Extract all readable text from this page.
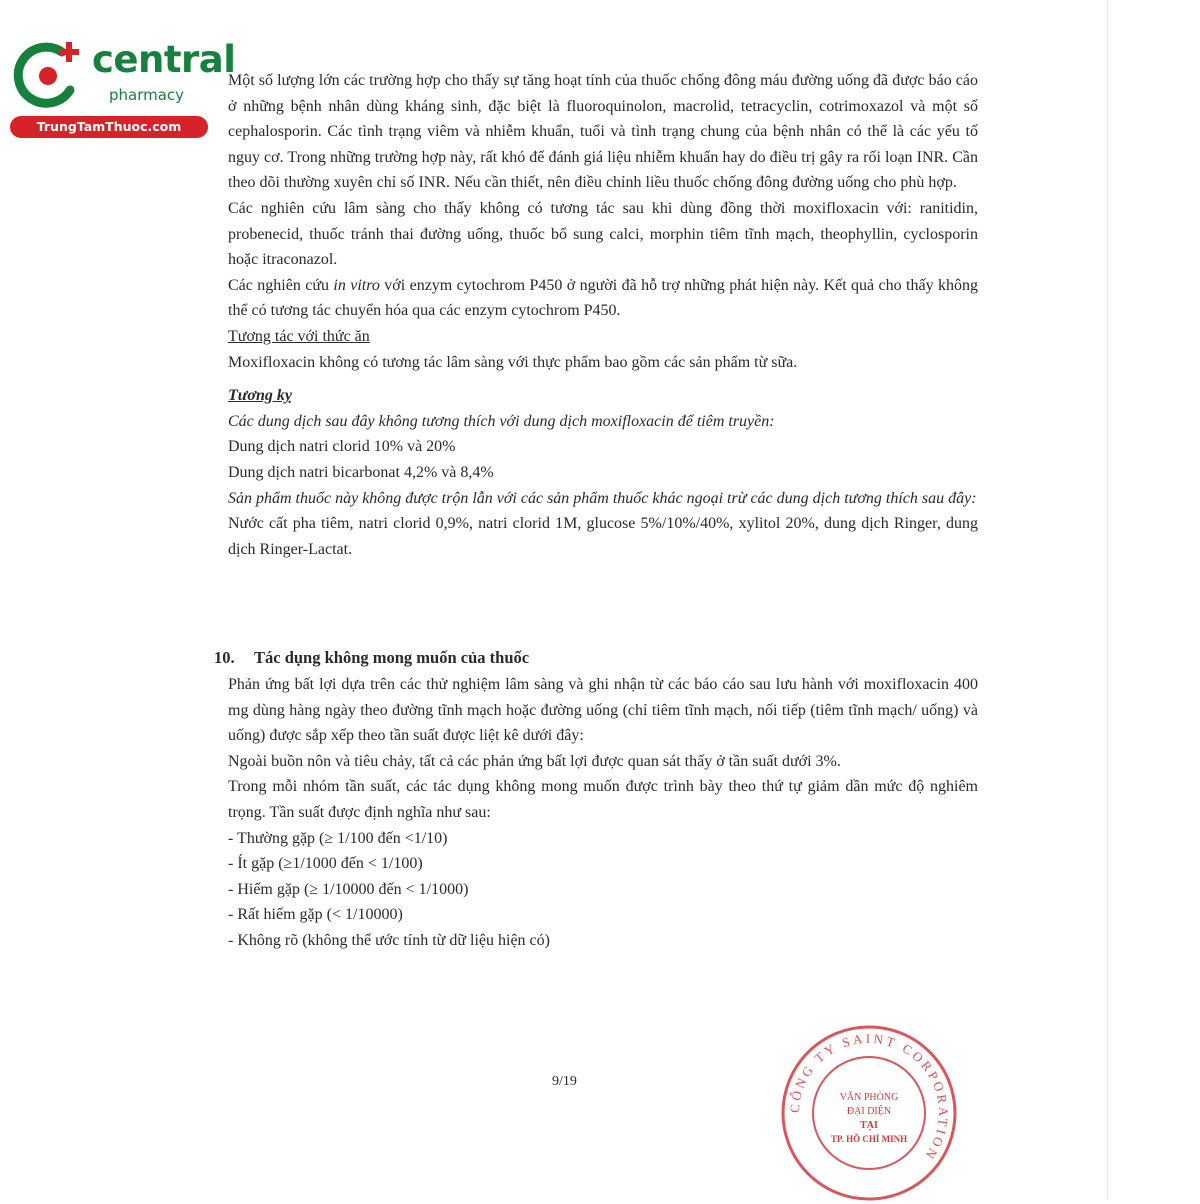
central
pharmacy
TrungTamThuoc.com

Một số lượng lớn các trường hợp cho thấy sự tăng hoạt tính của thuốc chống đông máu đường uống đã được báo cáo ở những bệnh nhân dùng kháng sinh, đặc biệt là fluoroquinolon, macrolid, tetracyclin, cotrimoxazol và một số cephalosporin. Các tình trạng viêm và nhiễm khuẩn, tuổi và tình trạng chung của bệnh nhân có thể là các yếu tố nguy cơ. Trong những trường hợp này, rất khó để đánh giá liệu nhiễm khuẩn hay do điều trị gây ra rối loạn INR. Cần theo dõi thường xuyên chỉ số INR. Nếu cần thiết, nên điều chỉnh liều thuốc chống đông đường uống cho phù hợp.

Các nghiên cứu lâm sàng cho thấy không có tương tác sau khi dùng đồng thời moxifloxacin với: ranitidin, probenecid, thuốc tránh thai đường uống, thuốc bổ sung calci, morphin tiêm tĩnh mạch, theophyllin, cyclosporin hoặc itraconazol.

Các nghiên cứu in vitro với enzym cytochrom P450 ở người đã hỗ trợ những phát hiện này. Kết quả cho thấy không thể có tương tác chuyển hóa qua các enzym cytochrom P450.

Tương tác với thức ăn

Moxifloxacin không có tương tác lâm sàng với thực phẩm bao gồm các sản phẩm từ sữa.

Tương kỵ

Các dung dịch sau đây không tương thích với dung dịch moxifloxacin để tiêm truyền:

Dung dịch natri clorid 10% và 20%

Dung dịch natri bicarbonat 4,2% và 8,4%

Sản phẩm thuốc này không được trộn lẫn với các sản phẩm thuốc khác ngoại trừ các dung dịch tương thích sau đây:

Nước cất pha tiêm, natri clorid 0,9%, natri clorid 1M, glucose 5%/10%/40%, xylitol 20%, dung dịch Ringer, dung dịch Ringer-Lactat.

10. Tác dụng không mong muốn của thuốc

Phản ứng bất lợi dựa trên các thử nghiệm lâm sàng và ghi nhận từ các báo cáo sau lưu hành với moxifloxacin 400 mg dùng hàng ngày theo đường tĩnh mạch hoặc đường uống (chỉ tiêm tĩnh mạch, nối tiếp (tiêm tĩnh mạch/ uống) và uống) được sắp xếp theo tần suất được liệt kê dưới đây:

Ngoài buồn nôn và tiêu chảy, tất cả các phản ứng bất lợi được quan sát thấy ở tần suất dưới 3%.

Trong mỗi nhóm tần suất, các tác dụng không mong muốn được trình bày theo thứ tự giảm dần mức độ nghiêm trọng. Tần suất được định nghĩa như sau:

- Thường gặp (≥ 1/100 đến <1/10)

- Ít gặp (≥1/1000 đến < 1/100)

- Hiếm gặp (≥ 1/10000 đến < 1/1000)

- Rất hiếm gặp (< 1/10000)

- Không rõ (không thể ước tính từ dữ liệu hiện có)

9/19
CÔNG TY SAINT CORPORATION
VĂN PHÒNG
ĐẠI DIỆN
TẠI
TP. HỒ CHÍ MINH
